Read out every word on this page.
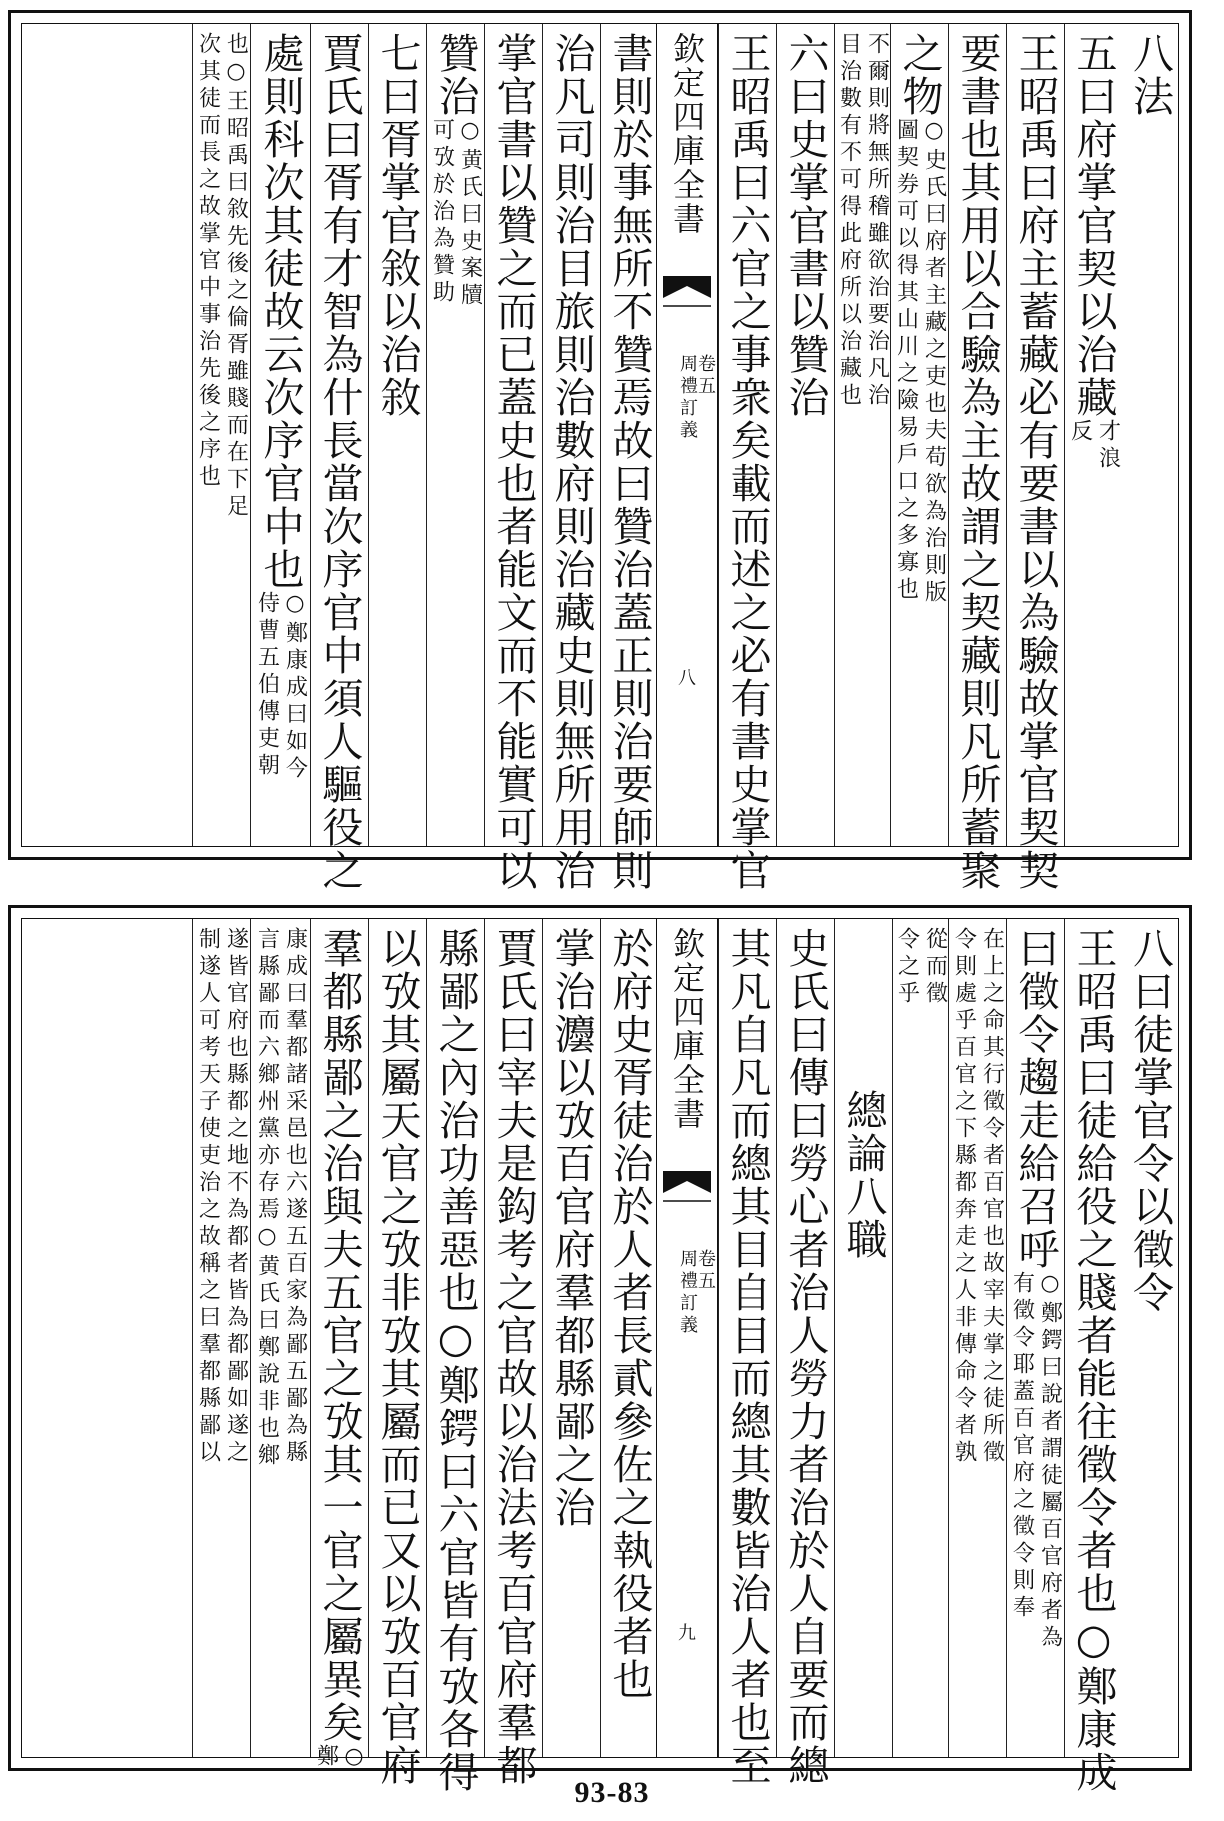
八法
五曰府掌官契以治藏
才浪
反
王昭禹曰府主蓄藏必有要書以為驗故掌官契契
要書也其用以合驗為主故謂之契藏則凡所蓄聚
之物
○史氏曰府者主藏之吏也夫苟欲為治則版
圖契券可以得其山川之險易戶口之多寡也
不爾則將無所稽雖欲治要治凡治
目治數有不可得此府所以治藏也
六曰史掌官書以贊治
王昭禹曰六官之事衆矣載而述之必有書史掌官
欽定四庫全書
周禮訂義
卷五
八
書則於事無所不贊焉故曰贊治蓋正則治要師則
治凡司則治目旅則治數府則治藏史則無所用治
掌官書以贊之而已蓋史也者能文而不能實可以
贊治
○黄氏曰史案牘
可攷於治為贊助
七曰胥掌官敘以治敘
賈氏曰胥有才智為什長當次序官中須人驅役之
處則科次其徒故云次序官中也
○鄭康成曰如今
侍曹五伯傳吏朝
也○王昭禹曰敘先後之倫胥雖賤而在下足
次其徒而長之故掌官中事治先後之序也
八曰徒掌官令以徵令
王昭禹曰徒給役之賤者能往徵令者也○鄭康成
曰徵令趨走給召呼
○鄭鍔曰說者謂徒屬百官府者為
有徵令耶蓋百官府之徵令則奉
在上之命其行徵令者百官也故宰夫掌之徒所徵
令則處乎百官之下縣都奔走之人非傳命令者孰
從而徵
令之乎
總論八職
史氏曰傳曰勞心者治人勞力者治於人自要而總
其凡自凡而總其目自目而總其數皆治人者也至
欽定四庫全書
周禮訂義
卷五
九
於府史胥徒治於人者長貳參佐之執役者也
掌治灋以攷百官府羣都縣鄙之治
賈氏曰宰夫是鈎考之官故以治法考百官府羣都
縣鄙之內治功善惡也○鄭鍔曰六官皆有攷各得
以攷其屬天官之攷非攷其屬而已又以攷百官府
羣都縣鄙之治與夫五官之攷其一官之屬異矣
○
鄭
康成曰羣都諸采邑也六遂五百家為鄙五鄙為縣
言縣鄙而六鄉州黨亦存焉○黄氏曰鄭說非也鄉
遂皆官府也縣都之地不為都者皆為都鄙如遂之
制遂人可考天子使吏治之故稱之曰羣都縣鄙以
93-83
